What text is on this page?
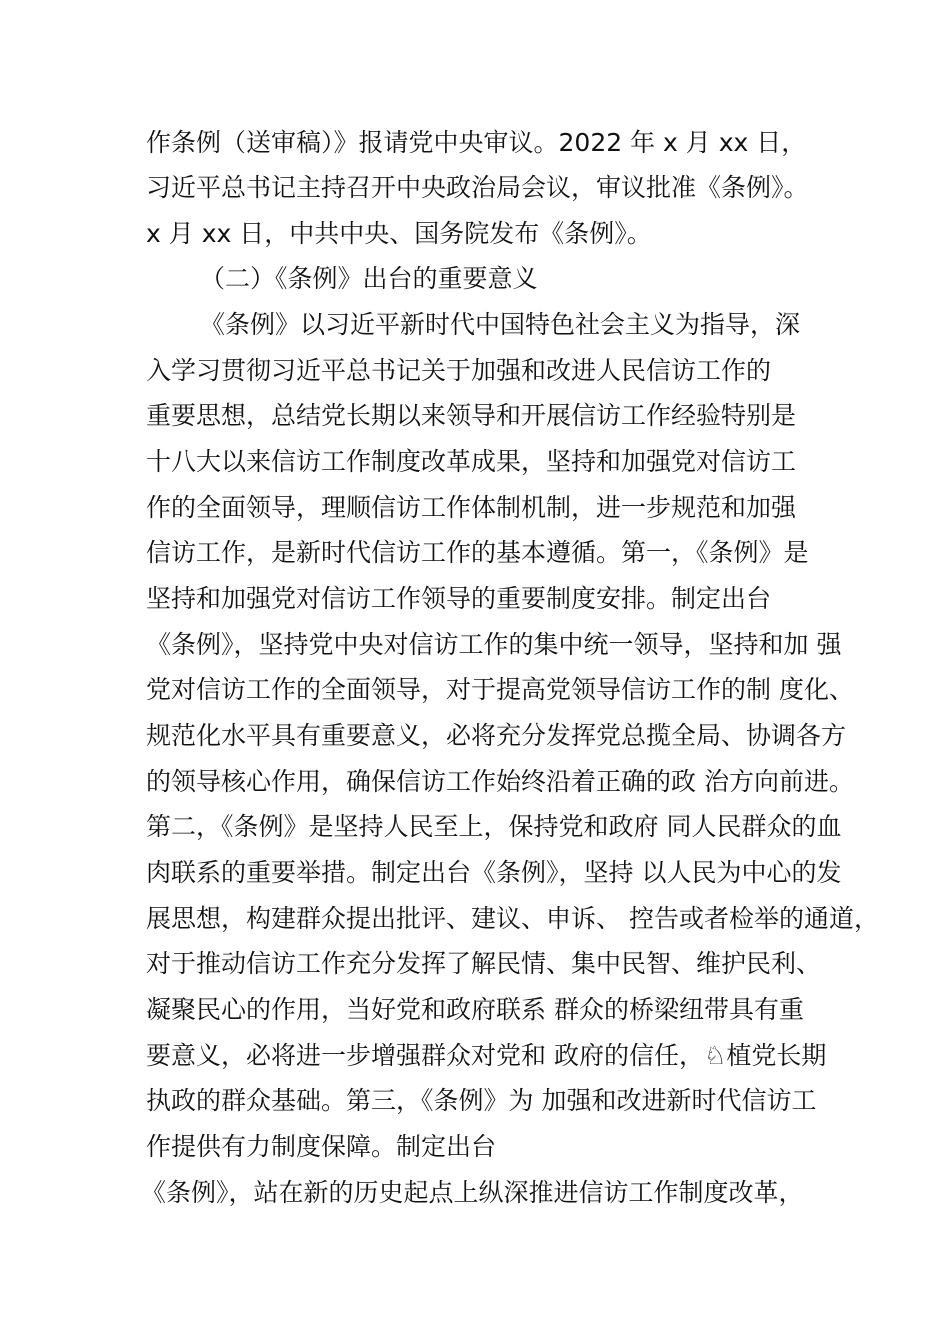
作条例（送审稿）》报请党中央审议。2022 年 x 月 xx 日，
习近平总书记主持召开中央政治局会议，审议批准《条例》。
x 月 xx 日，中共中央、国务院发布《条例》。
（二）《条例》出台的重要意义
《条例》以习近平新时代中国特色社会主义为指导，深
入学习贯彻习近平总书记关于加强和改进人民信访工作的
重要思想，总结党长期以来领导和开展信访工作经验特别是
十八大以来信访工作制度改革成果，坚持和加强党对信访工
作的全面领导，理顺信访工作体制机制，进一步规范和加强
信访工作，是新时代信访工作的基本遵循。第一，《条例》是
坚持和加强党对信访工作领导的重要制度安排。制定出台
《条例》，坚持党中央对信访工作的集中统一领导，坚持和加 强
党对信访工作的全面领导，对于提高党领导信访工作的制 度化、
规范化水平具有重要意义，必将充分发挥党总揽全局、协调各方
的领导核心作用，确保信访工作始终沿着正确的政 治方向前进。
第二，《条例》是坚持人民至上，保持党和政府 同人民群众的血
肉联系的重要举措。制定出台《条例》，坚持 以人民为中心的发
展思想，构建群众提出批评、建议、申诉、 控告或者检举的通道，
对于推动信访工作充分发挥了解民情、集中民智、维护民利、
凝聚民心的作用，当好党和政府联系 群众的桥梁纽带具有重
要意义，必将进一步增强群众对党和 政府的信任，♘植党长期
执政的群众基础。第三，《条例》为 加强和改进新时代信访工
作提供有力制度保障。制定出台
《条例》，站在新的历史起点上纵深推进信访工作制度改革，
